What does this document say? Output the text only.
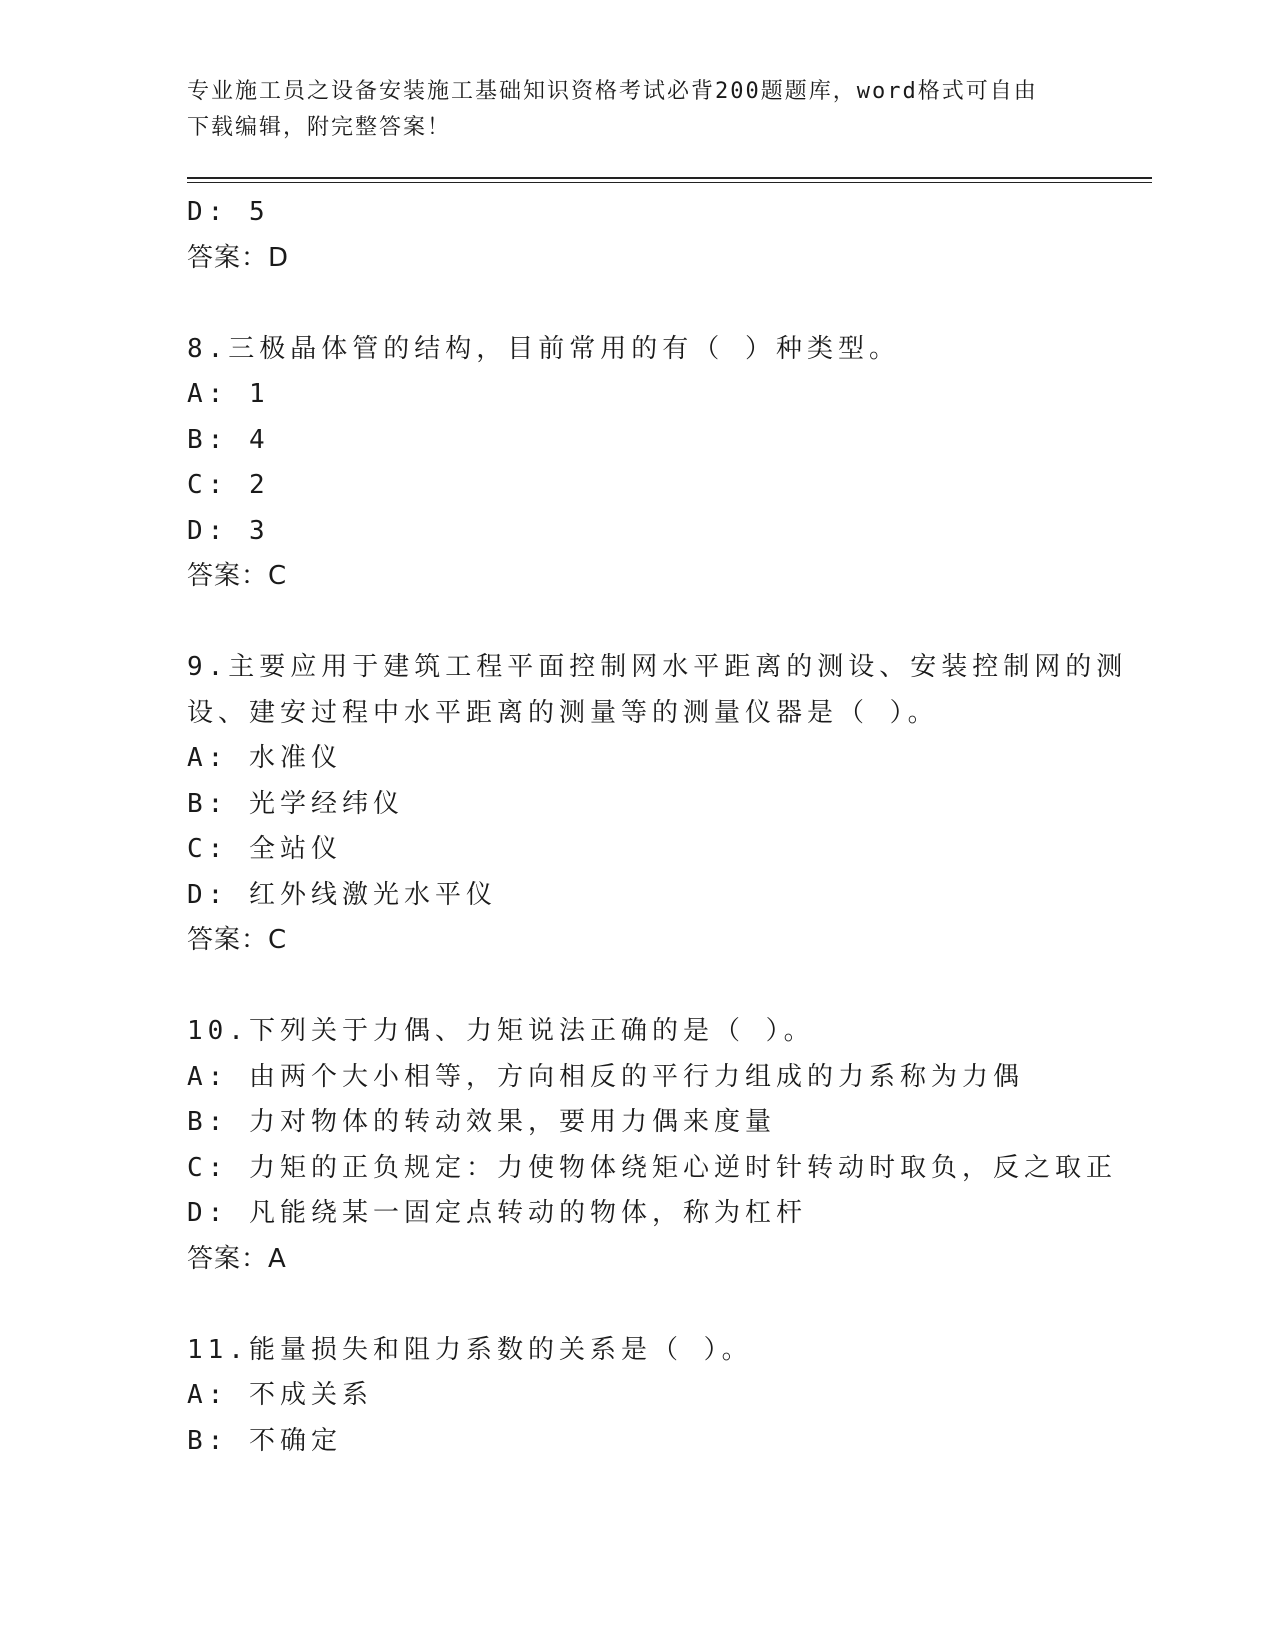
专业施工员之设备安装施工基础知识资格考试必背200题题库，word格式可自由
下载编辑，附完整答案！
D: 5
答案：D
8.三极晶体管的结构，目前常用的有（ ）种类型。
A: 1
B: 4
C: 2
D: 3
答案：C
9.主要应用于建筑工程平面控制网水平距离的测设、安装控制网的测
设、建安过程中水平距离的测量等的测量仪器是（ ）。
A: 水准仪
B: 光学经纬仪
C: 全站仪
D: 红外线激光水平仪
答案：C
10.下列关于力偶、力矩说法正确的是（ ）。
A: 由两个大小相等，方向相反的平行力组成的力系称为力偶
B: 力对物体的转动效果，要用力偶来度量
C: 力矩的正负规定：力使物体绕矩心逆时针转动时取负，反之取正
D: 凡能绕某一固定点转动的物体，称为杠杆
答案：A
11.能量损失和阻力系数的关系是（ ）。
A: 不成关系
B: 不确定
